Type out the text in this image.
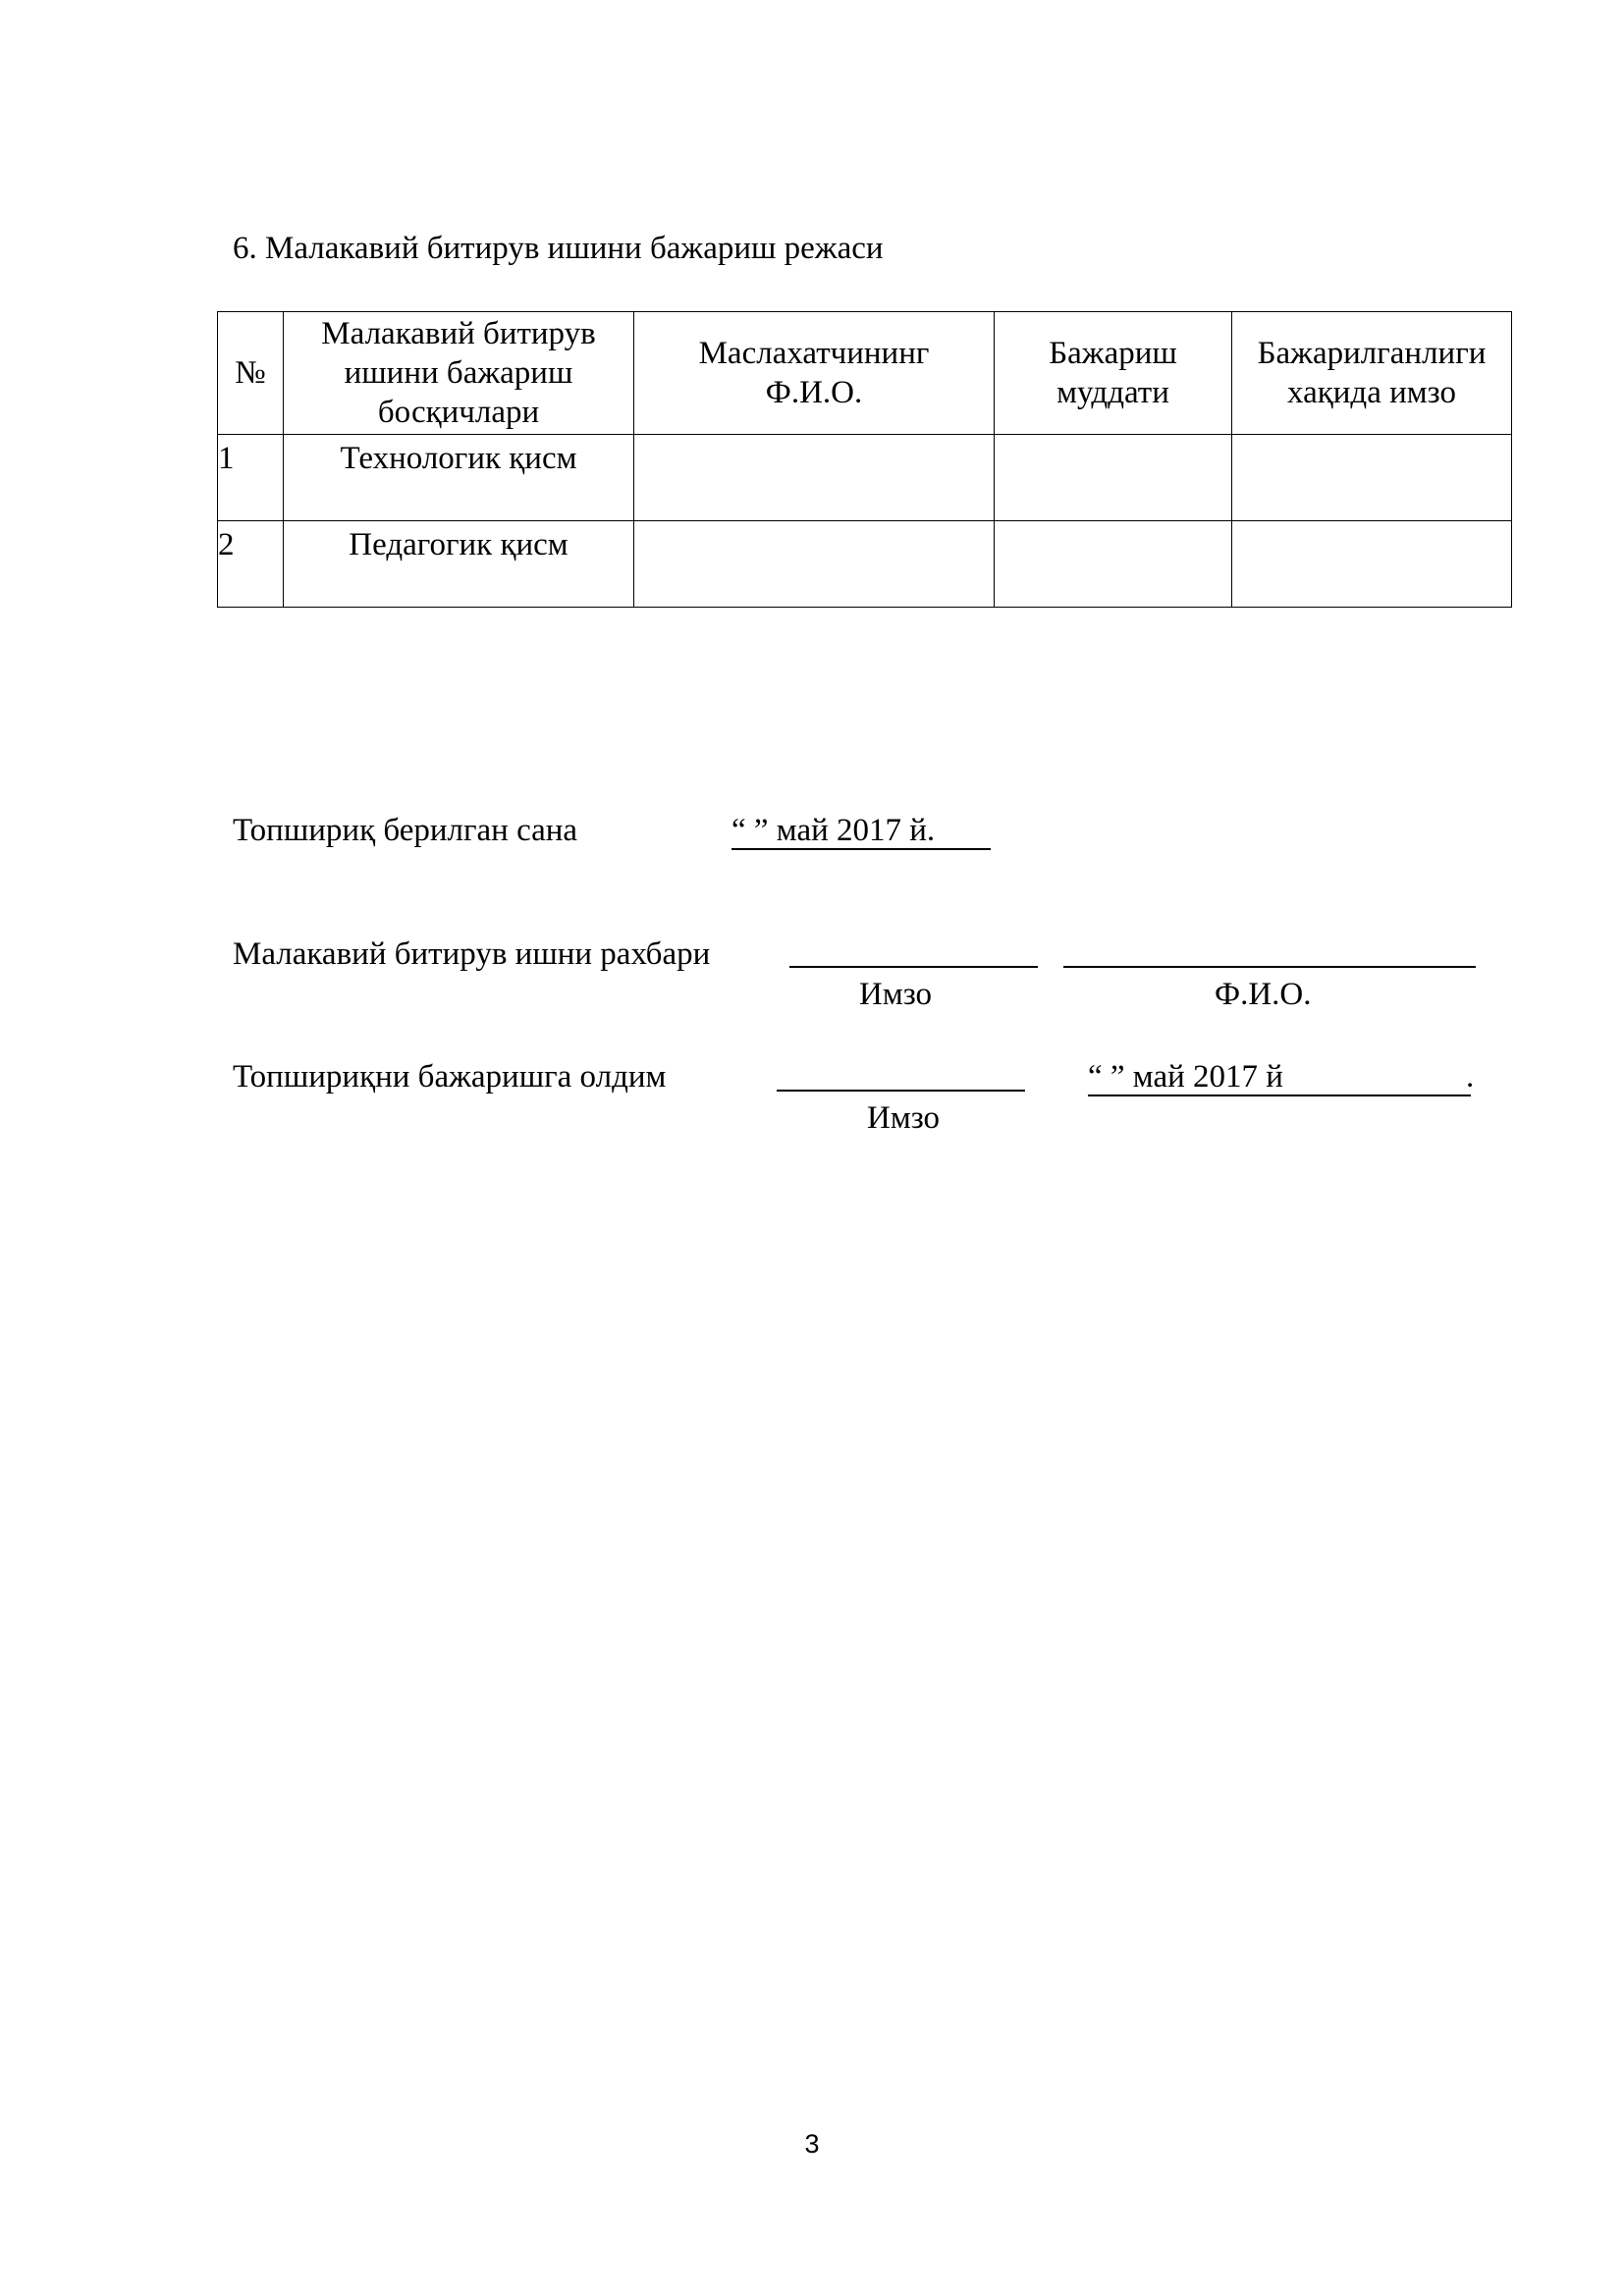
6. Малакавий битирув ишини бажариш режаси
№	Малакавий битирув
ишини бажариш
босқичлари	Маслахатчининг
Ф.И.О.	Бажариш
муддати	Бажарилганлиги
хақида имзо

1	Технологик қисм			
2	Педагогик қисм			
Топшириқ берилган сана	“ ” май 2017 й.
Малакавий битирув ишни рахбари
Имзо	Ф.И.О.
Топшириқни бажаришга олдим	“ ” май 2017 й	.
Имзо
3
